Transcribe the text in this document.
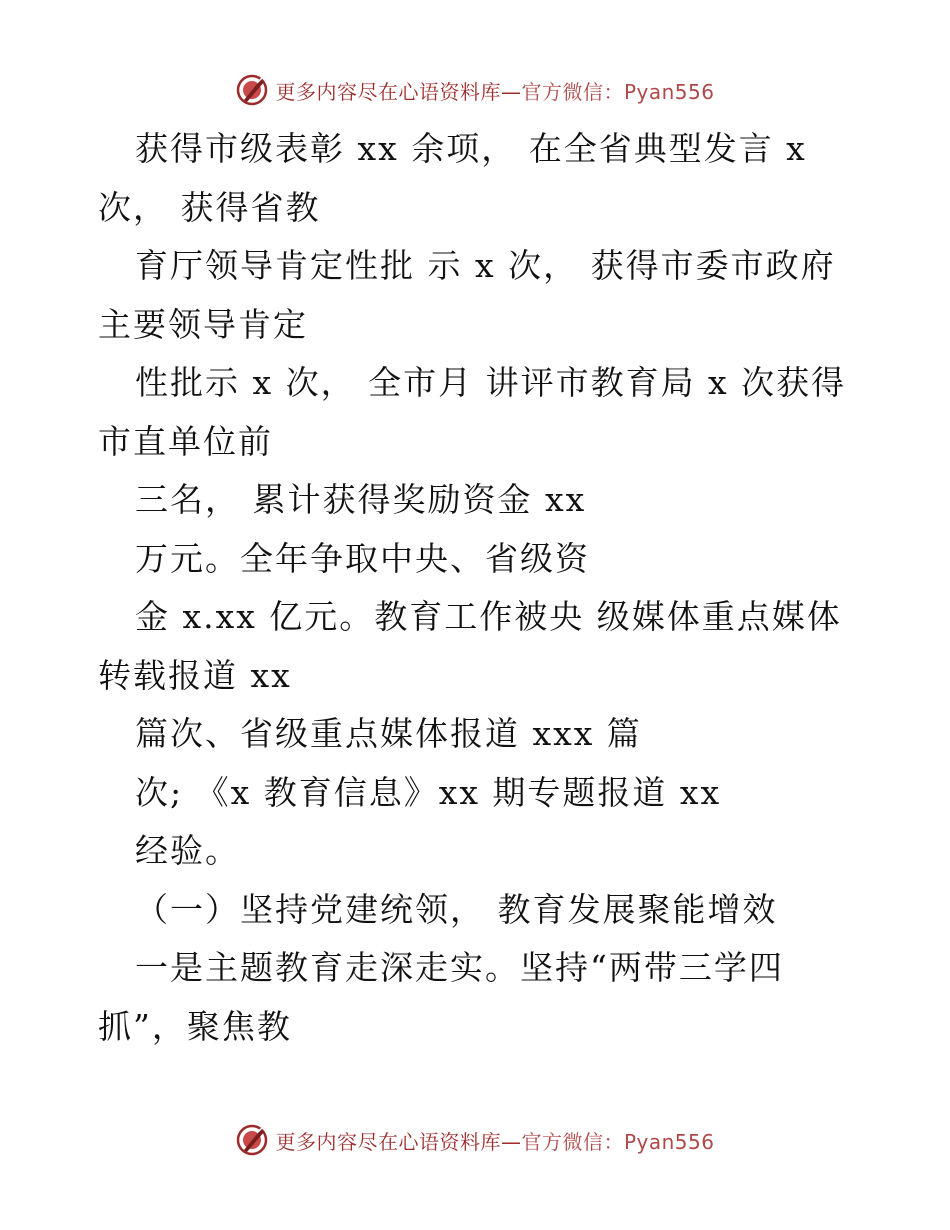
更多内容尽在心语资料库—官方微信：Pyan556
获得市级表彰 xx 余项， 在全省典型发言 x
次， 获得省教
育厅领导肯定性批 示 x 次， 获得市委市政府
主要领导肯定
性批示 x 次， 全市月 讲评市教育局 x 次获得
市直单位前
三名， 累计获得奖励资金 xx
万元。全年争取中央、省级资
金 x.xx 亿元。教育工作被央 级媒体重点媒体
转载报道 xx
篇次、省级重点媒体报道 xxx 篇
次; 《x 教育信息》xx 期专题报道 xx
经验。
（一）坚持党建统领， 教育发展聚能增效
一是主题教育走深走实。坚持“两带三学四
抓”，聚焦教
更多内容尽在心语资料库—官方微信：Pyan556
